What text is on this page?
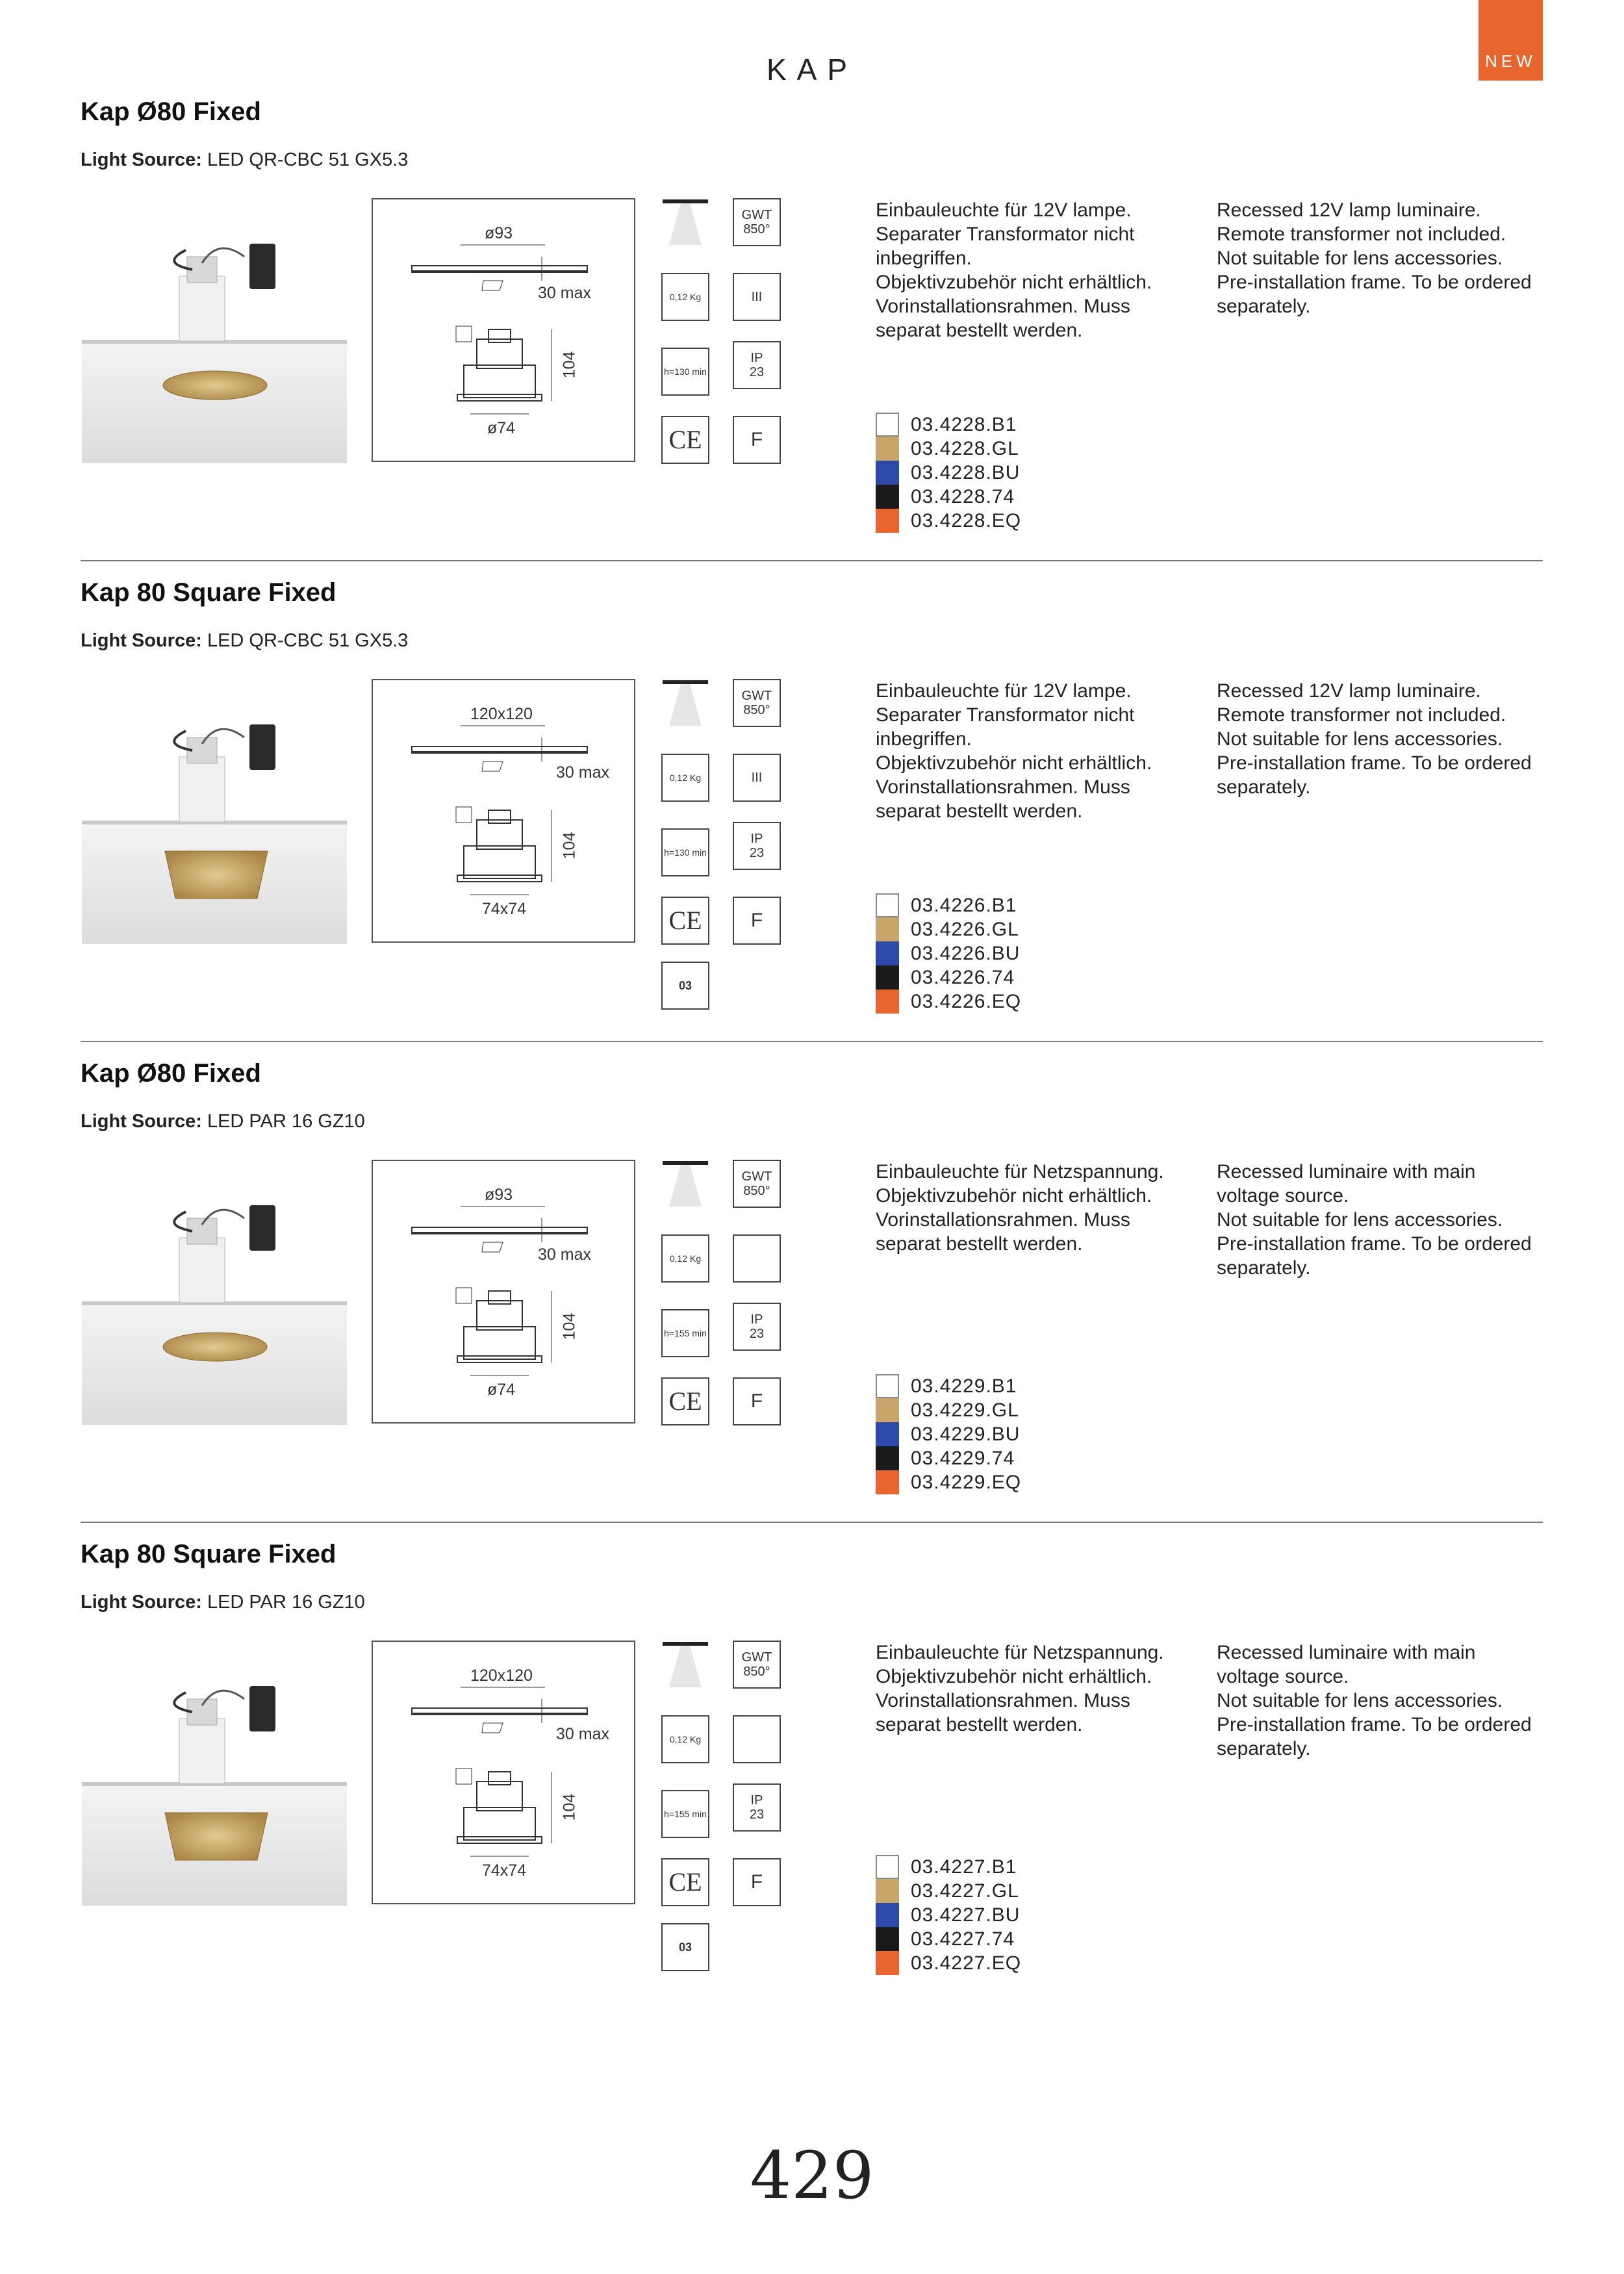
KAP	NEW
Kap Ø80 Fixed
Light Source: LED QR-CBC 51 GX5.3
ø93
30 max
104
ø74
0,12 Kg
h=130 min
CE
GWT
850°
III
IP
23
F
Einbauleuchte für 12V lampe.
Separater Transformator nicht inbegriffen.
Objektivzubehör nicht erhältlich.
Vorinstallationsrahmen. Muss separat bestellt werden.
Recessed 12V lamp luminaire.
Remote transformer not included.
Not suitable for lens accessories.
Pre-installation frame. To be ordered separately.
03.4228.B1
03.4228.GL
03.4228.BU
03.4228.74
03.4228.EQ
Kap 80 Square Fixed
Light Source: LED QR-CBC 51 GX5.3
120x120
30 max
104
74x74
0,12 Kg
h=130 min
CE
GWT
850°
III
IP
23
F
03
Einbauleuchte für 12V lampe.
Separater Transformator nicht inbegriffen.
Objektivzubehör nicht erhältlich.
Vorinstallationsrahmen. Muss separat bestellt werden.
Recessed 12V lamp luminaire.
Remote transformer not included.
Not suitable for lens accessories.
Pre-installation frame. To be ordered separately.
03.4226.B1
03.4226.GL
03.4226.BU
03.4226.74
03.4226.EQ
Kap Ø80 Fixed
Light Source: LED PAR 16 GZ10
ø93
30 max
104
ø74
0,12 Kg
h=155 min
CE
GWT
850°
IP
23
F
Einbauleuchte für Netzspannung.
Objektivzubehör nicht erhältlich.
Vorinstallationsrahmen. Muss separat bestellt werden.
Recessed luminaire with main voltage source.
Not suitable for lens accessories.
Pre-installation frame. To be ordered separately.
03.4229.B1
03.4229.GL
03.4229.BU
03.4229.74
03.4229.EQ
Kap 80 Square Fixed
Light Source: LED PAR 16 GZ10
120x120
30 max
104
74x74
0,12 Kg
h=155 min
CE
GWT
850°
IP
23
F
03
Einbauleuchte für Netzspannung.
Objektivzubehör nicht erhältlich.
Vorinstallationsrahmen. Muss separat bestellt werden.
Recessed luminaire with main voltage source.
Not suitable for lens accessories.
Pre-installation frame. To be ordered separately.
03.4227.B1
03.4227.GL
03.4227.BU
03.4227.74
03.4227.EQ
429
